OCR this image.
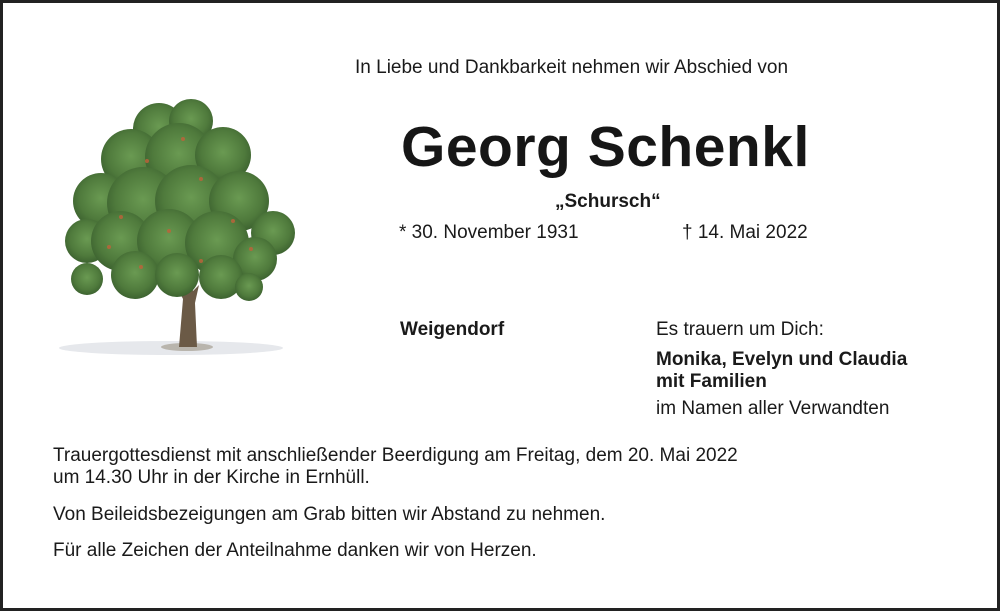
In Liebe und Dankbarkeit nehmen wir Abschied von
Georg Schenkl
„Schursch“
* 30. November 1931	† 14. Mai 2022
Weigendorf	Es trauern um Dich:
Monika, Evelyn und Claudia
mit Familien
im Namen aller Verwandten
Trauergottesdienst mit anschließender Beerdigung am Freitag, dem 20. Mai 2022
um 14.30 Uhr in der Kirche in Ernhüll.
Von Beileidsbezeigungen am Grab bitten wir Abstand zu nehmen.
Für alle Zeichen der Anteilnahme danken wir von Herzen.
